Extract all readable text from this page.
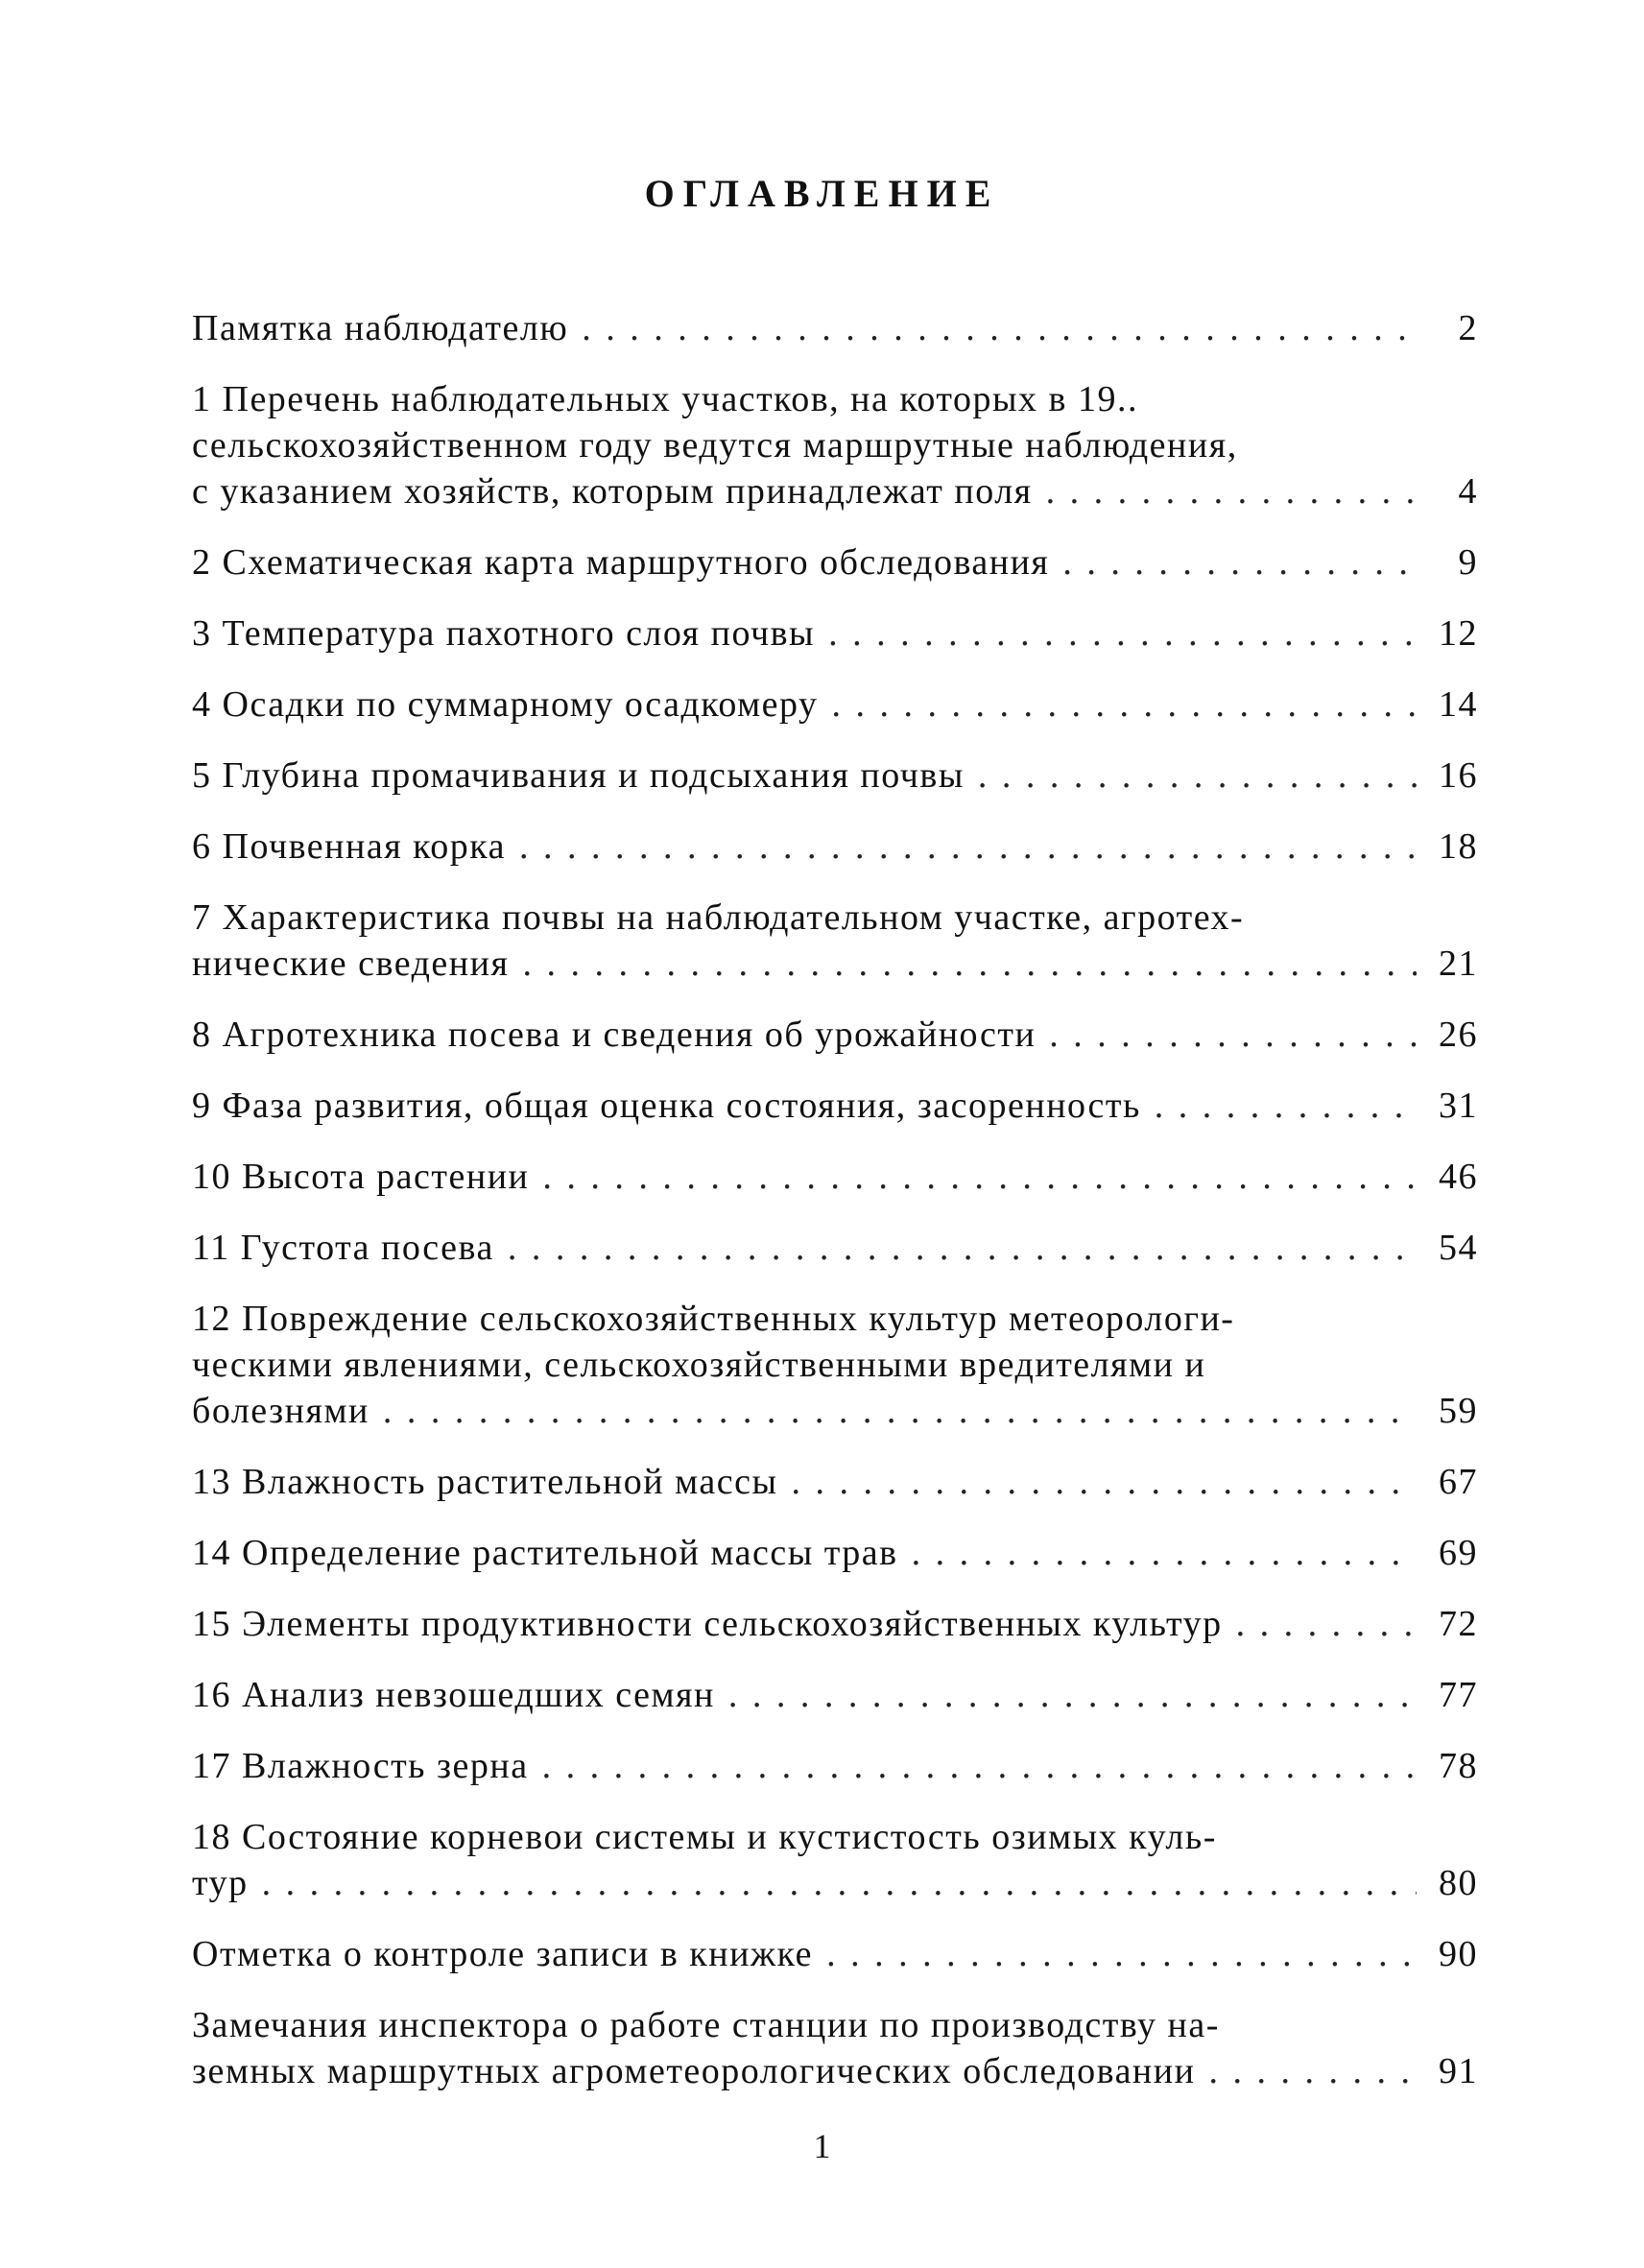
ОГЛАВЛЕНИЕ
Памятка наблюдателю . . .	2
1 Перечень наблюдательных участков, на которых в 19..
сельскохозяйственном году ведутся маршрутные наблюдения,
с указанием хозяйств, которым принадлежат поля . . .	4
2 Схематическая карта маршрутного обследования . . .	9
3 Температура пахотного слоя почвы . . .	12
4 Осадки по суммарному осадкомеру . . .	14
5 Глубина промачивания и подсыхания почвы . . .	16
6 Почвенная корка . . .	18
7 Характеристика почвы на наблюдательном участке, агротех-
нические сведения . . .	21
8 Агротехника посева и сведения об урожайности . . .	26
9 Фаза развития, общая оценка состояния, засоренность . . .	31
10 Высота растении . . .	46
11 Густота посева . . .	54
12 Повреждение сельскохозяйственных культур метеорологи-
ческими явлениями, сельскохозяйственными вредителями и
болезнями . . .	59
13 Влажность растительной массы . . .	67
14 Определение растительной массы трав . . .	69
15 Элементы продуктивности сельскохозяйственных культур . . .	72
16 Анализ невзошедших семян . . .	77
17 Влажность зерна . . .	78
18 Состояние корневои системы и кустистость озимых куль-
тур . . .	80
Отметка о контроле записи в книжке . . .	90
Замечания инспектора о работе станции по производству на-
земных маршрутных агрометеорологических обследовании . . .	91
1
